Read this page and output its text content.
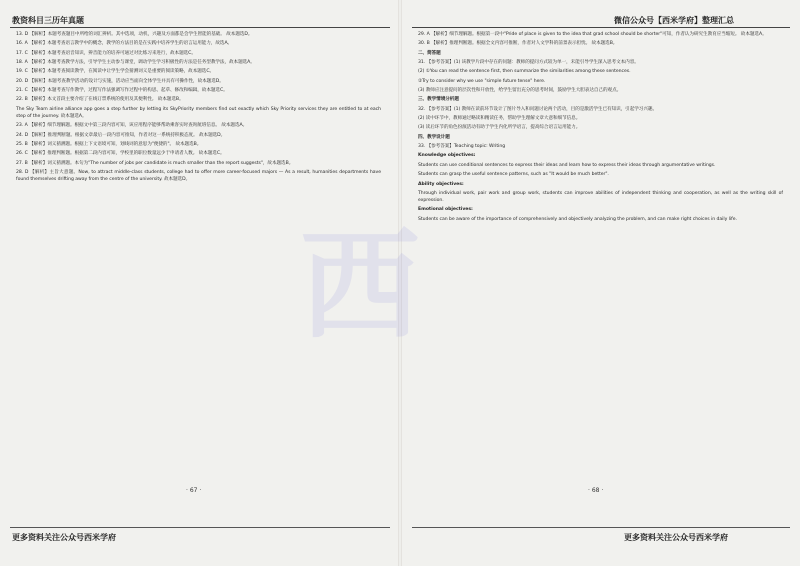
教资科目三历年真题

13. D 【解析】本题考查题目中所给的词汇辨析。其中选项，动机，兴趣及方面都是会学生智能的基础。 故本题选D。

16. A 【解析】本题考查语言教学中的概念，教学的方法目的是在实践中培养学生的语言运用能力，故选A。

17. C 【解析】本题考查语音知识，辨音能力的培养可通过对比练习来进行，故本题选C。

18. A 【解析】本题考查教学方法，引导学生主动参与课堂，调动学生学习积极性的方法是任务型教学法，故本题选A。

19. C 【解析】本题考查阅读教学，在阅读中让学生学会猜测词义是重要的阅读策略，故本题选C。

20. D 【解析】本题考查教学活动的设计与实施，活动应当面向全体学生并具有可操作性，故本题选D。

21. C 【解析】本题考查写作教学，过程写作法强调写作过程中的构思、起草、修改和编辑，故本题选C。

22. B 【解析】本文首段主要介绍了在线订票系统的使用及其便利性。 故本题选B。

The Sky Team airline alliance app goes a step further by letting its SkyPriority members find out exactly which Sky Priority services they are entitled to at each step of the journey. 故本题选A。

23. A 【解析】细节理解题。根据文中第三段内容可知，该应用程序能够帮助乘客实时查询航班信息。 故本题选A。

24. D 【解析】推理判断题。根据文章最后一段内容可推知，作者对这一系统持积极态度。 故本题选D。

25. B 【解析】词义猜测题。根据上下文语境可知，划线词的意思为"便捷的"。 故本题选B。

26. C 【解析】推理判断题。根据第二段内容可知，学校里的职位数量远少于申请者人数。 故本题选C。

27. B 【解析】词义猜测题。本句为"The number of jobs per candidate is much smaller than the report suggests"，故本题选B。

28. D 【解析】主旨大意题。Now, to attract middle-class students, college had to offer more career-focused majors — As a result, humanities departments have found themselves drifting away from the centre of the university. 故本题选D。

· 67 ·
更多资料关注公众号西米学府
微信公众号【西米学府】整理汇总

29. A 【解析】细节理解题。根据第一段中"Pride of place is given to the idea that grad school should be shorter"可知，作者认为研究生教育应当缩短。 故本题选A。

30. B 【解析】推理判断题。根据全文内容可推断，作者对人文学科的前景表示担忧。 故本题选B。

二、简答题

31. 【参考答案】(1) 该教学片段中存在的问题：教师的提问方式较为单一，未能引导学生深入思考文本内容。

(2) ①You can read the sentence first, then summarize the similarities among these sentences.

②Try to consider why we use "simple future tense" here.

(3) 教师应注意提问的层次性和开放性，给学生留出充分的思考时间，鼓励学生大胆表达自己的观点。

三、教学情境分析题

32. 【参考答案】(1) 教师在读前环节设计了图片导入和问题讨论两个活动，目的是激活学生已有知识，引起学习兴趣。

(2) 读中环节中，教师通过略读和精读任务，帮助学生理解文章大意和细节信息。

(3) 读后环节的角色扮演活动有助于学生内化所学语言，提高综合语言运用能力。

四、教学设计题

33. 【参考答案】Teaching topic: Writing

Knowledge objectives:

Students can use conditional sentences to express their ideas and learn how to express their ideas through argumentative writings.

Students can grasp the useful sentence patterns, such as "It would be much better".

Ability objectives:

Through individual work, pair work and group work, students can improve abilities of independent thinking and cooperation, as well as the writing skill of expression.

Emotional objectives:

Students can be aware of the importance of comprehensively and objectively analyzing the problem, and can make right choices in daily life.

· 68 ·
更多资料关注公众号西米学府
西
